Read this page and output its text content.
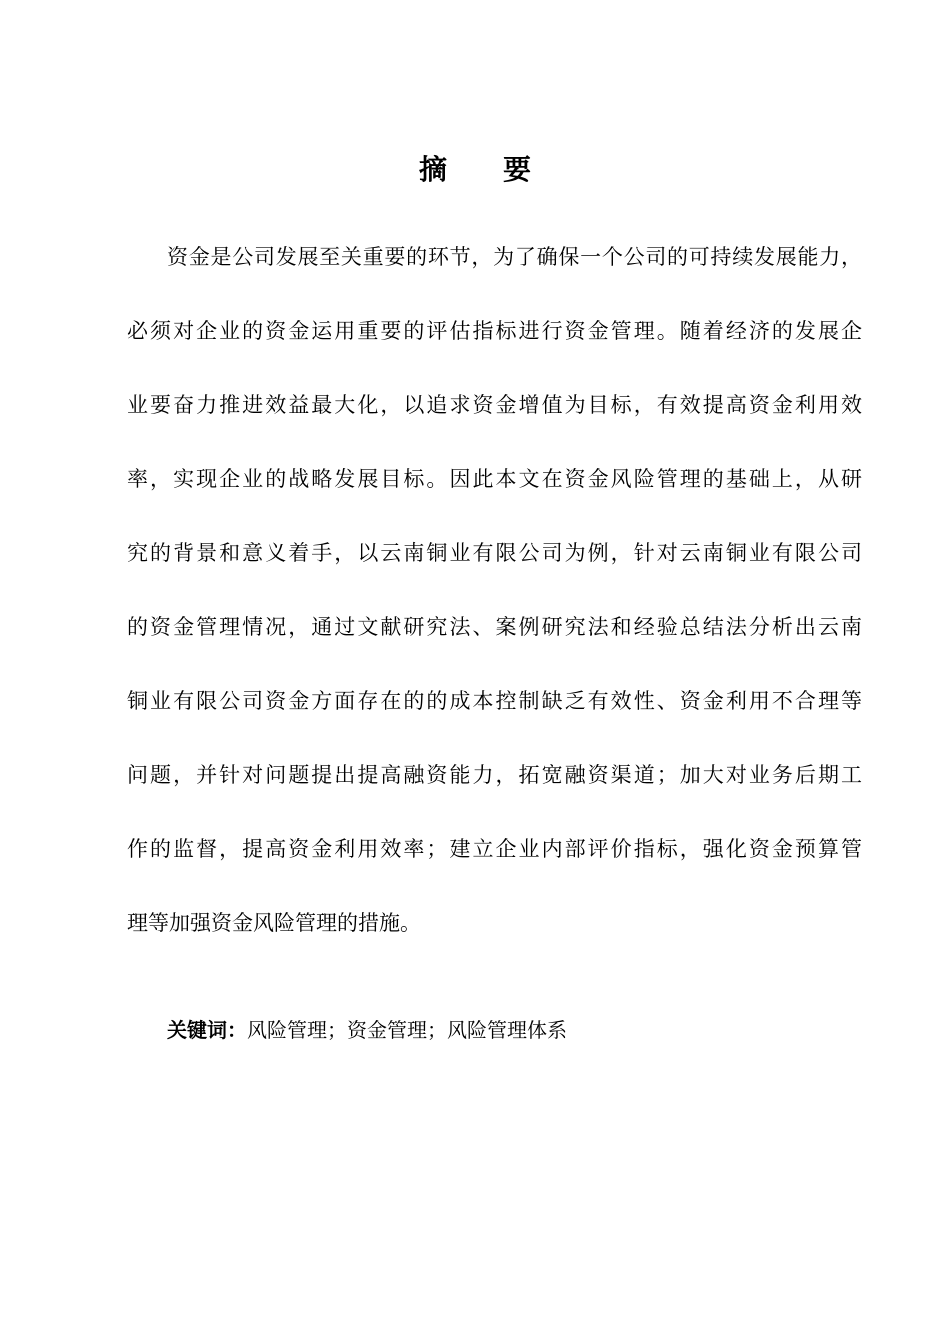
摘　要
资金是公司发展至关重要的环节，为了确保一个公司的可持续发展能力，
必须对企业的资金运用重要的评估指标进行资金管理。随着经济的发展企
业要奋力推进效益最大化，以追求资金增值为目标，有效提高资金利用效
率，实现企业的战略发展目标。因此本文在资金风险管理的基础上，从研
究的背景和意义着手，以云南铜业有限公司为例，针对云南铜业有限公司
的资金管理情况，通过文献研究法、案例研究法和经验总结法分析出云南
铜业有限公司资金方面存在的的成本控制缺乏有效性、资金利用不合理等
问题，并针对问题提出提高融资能力，拓宽融资渠道；加大对业务后期工
作的监督，提高资金利用效率；建立企业内部评价指标，强化资金预算管
理等加强资金风险管理的措施。

关键词：风险管理；资金管理；风险管理体系
